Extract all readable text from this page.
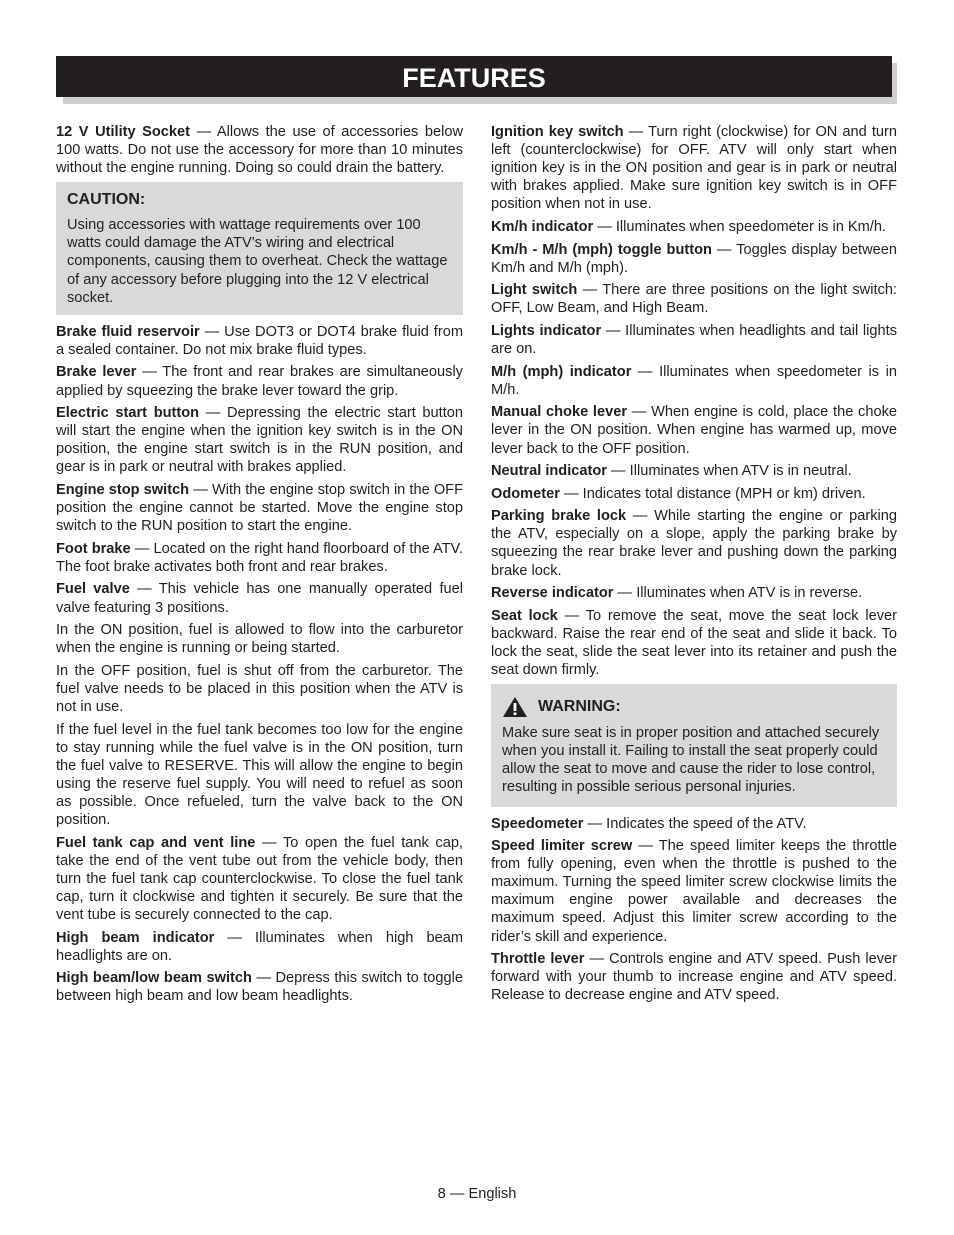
FEATURES

12 V Utility Socket — Allows the use of accessories below 100 watts. Do not use the accessory for more than 10 minutes without the engine running. Doing so could drain the battery.

CAUTION:
Using accessories with wattage requirements over 100 watts could damage the ATV’s wiring and electrical components, causing them to overheat. Check the wattage of any accessory before plugging into the 12 V electrical socket.

Brake fluid reservoir — Use DOT3 or DOT4 brake fluid from a sealed container. Do not mix brake fluid types.

Brake lever — The front and rear brakes are simultaneously applied by squeezing the brake lever toward the grip.

Electric start button — Depressing the electric start button will start the engine when the ignition key switch is in the ON position, the engine start switch is in the RUN position, and gear is in park or neutral with brakes applied.

Engine stop switch — With the engine stop switch in the OFF position the engine cannot be started. Move the engine stop switch to the RUN position to start the engine.

Foot brake — Located on the right hand floorboard of the ATV. The foot brake activates both front and rear brakes.

Fuel valve — This vehicle has one manually operated fuel valve featuring 3 positions.

In the ON position, fuel is allowed to flow into the carburetor when the engine is running or being started.

In the OFF position, fuel is shut off from the carburetor. The fuel valve needs to be placed in this position when the ATV is not in use.

If the fuel level in the fuel tank becomes too low for the engine to stay running while the fuel valve is in the ON position, turn the fuel valve to RESERVE. This will allow the engine to begin using the reserve fuel supply. You will need to refuel as soon as possible. Once refueled, turn the valve back to the ON position.

Fuel tank cap and vent line — To open the fuel tank cap, take the end of the vent tube out from the vehicle body, then turn the fuel tank cap counterclockwise. To close the fuel tank cap, turn it clockwise and tighten it securely. Be sure that the vent tube is securely connected to the cap.

High beam indicator — Illuminates when high beam headlights are on.

High beam/low beam switch — Depress this switch to toggle between high beam and low beam headlights.

Ignition key switch — Turn right (clockwise) for ON and turn left (counterclockwise) for OFF. ATV will only start when ignition key is in the ON position and gear is in park or neutral with brakes applied. Make sure ignition key switch is in OFF position when not in use.

Km/h indicator — Illuminates when speedometer is in Km/h.

Km/h - M/h (mph) toggle button — Toggles display between Km/h and M/h (mph).

Light switch — There are three positions on the light switch: OFF, Low Beam, and High Beam.

Lights indicator — Illuminates when headlights and tail lights are on.

M/h (mph) indicator — Illuminates when speedometer is in M/h.

Manual choke lever — When engine is cold, place the choke lever in the ON position. When engine has warmed up, move lever back to the OFF position.

Neutral indicator — Illuminates when ATV is in neutral.

Odometer — Indicates total distance (MPH or km) driven.

Parking brake lock — While starting the engine or parking the ATV, especially on a slope, apply the parking brake by squeezing the rear brake lever and pushing down the parking brake lock.

Reverse indicator — Illuminates when ATV is in reverse.

Seat lock — To remove the seat, move the seat lock lever backward. Raise the rear end of the seat and slide it back. To lock the seat, slide the seat lever into its retainer and push the seat down firmly.

WARNING:
Make sure seat is in proper position and attached securely when you install it. Failing to install the seat properly could allow the seat to move and cause the rider to lose control, resulting in possible serious personal injuries.

Speedometer — Indicates the speed of the ATV.

Speed limiter screw — The speed limiter keeps the throttle from fully opening, even when the throttle is pushed to the maximum. Turning the speed limiter screw clockwise limits the maximum engine power available and decreases the maximum speed. Adjust this limiter screw according to the rider’s skill and experience.

Throttle lever — Controls engine and ATV speed. Push lever forward with your thumb to increase engine and ATV speed. Release to decrease engine and ATV speed.

8 — English
